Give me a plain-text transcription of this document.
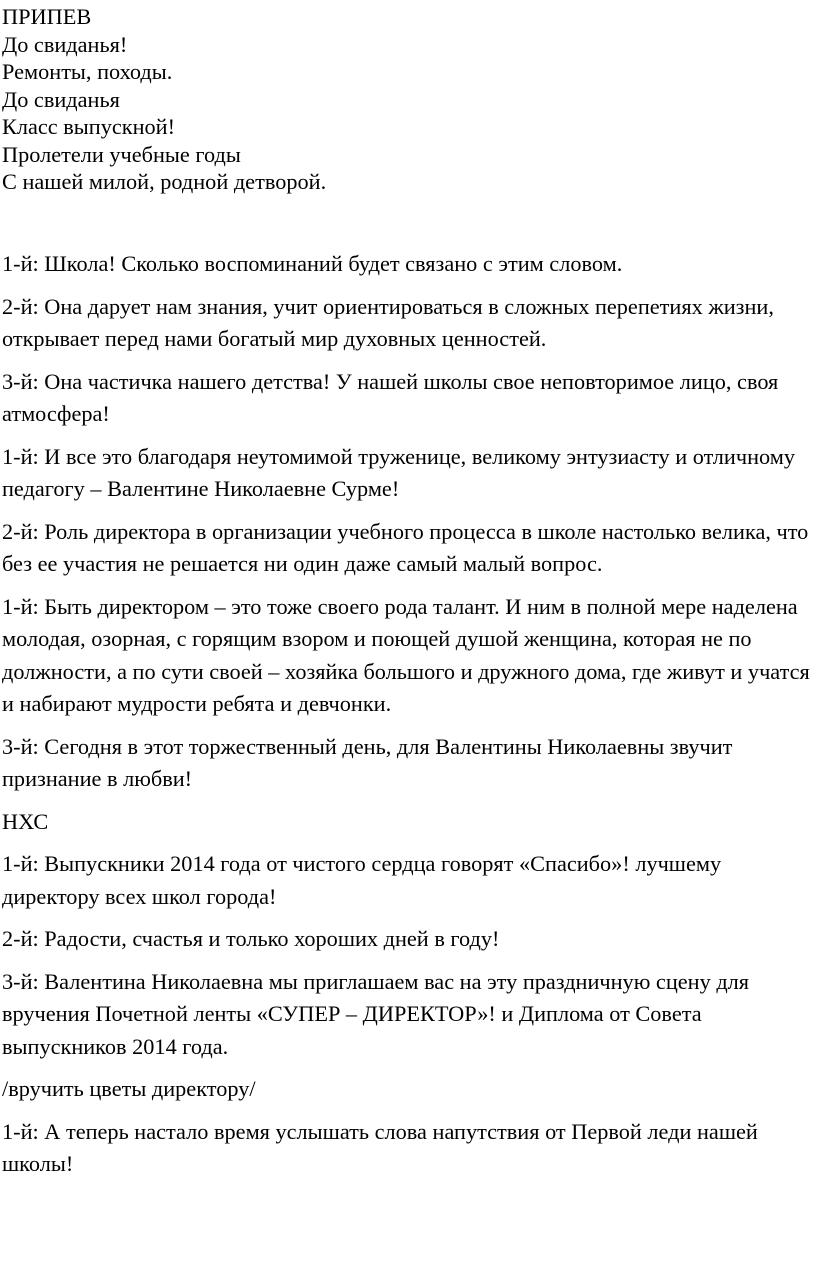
ПРИПЕВ
До свиданья!
Ремонты, походы.
До свиданья
Класс выпускной!
Пролетели учебные годы
С нашей милой, родной детворой.

1-й: Школа! Сколько воспоминаний будет связано с этим словом.

2-й: Она дарует нам знания, учит ориентироваться в сложных перепетиях жизни, открывает перед нами богатый мир духовных ценностей.

3-й: Она частичка нашего детства! У нашей школы свое неповторимое лицо, своя атмосфера!

1-й: И все это благодаря неутомимой труженице, великому энтузиасту и отличному педагогу – Валентине Николаевне Сурме!

2-й: Роль директора в организации учебного процесса в школе настолько велика, что без ее участия не решается ни один даже самый малый вопрос.

1-й: Быть директором – это тоже своего рода талант. И ним в полной мере наделена молодая, озорная, с горящим взором и поющей душой женщина, которая не по должности, а по сути своей – хозяйка большого и дружного дома, где живут и учатся и набирают мудрости ребята и девчонки.

3-й: Сегодня в этот торжественный день, для Валентины Николаевны звучит признание в любви!

НХС

1-й: Выпускники 2014 года от чистого сердца говорят «Спасибо»! лучшему директору всех школ города!

2-й: Радости, счастья и только хороших дней в году!

3-й: Валентина Николаевна мы приглашаем вас на эту праздничную сцену для вручения Почетной ленты «СУПЕР – ДИРЕКТОР»! и Диплома от Совета выпускников 2014 года.

/вручить цветы директору/

1-й: А теперь настало время услышать слова напутствия от Первой леди нашей школы!
